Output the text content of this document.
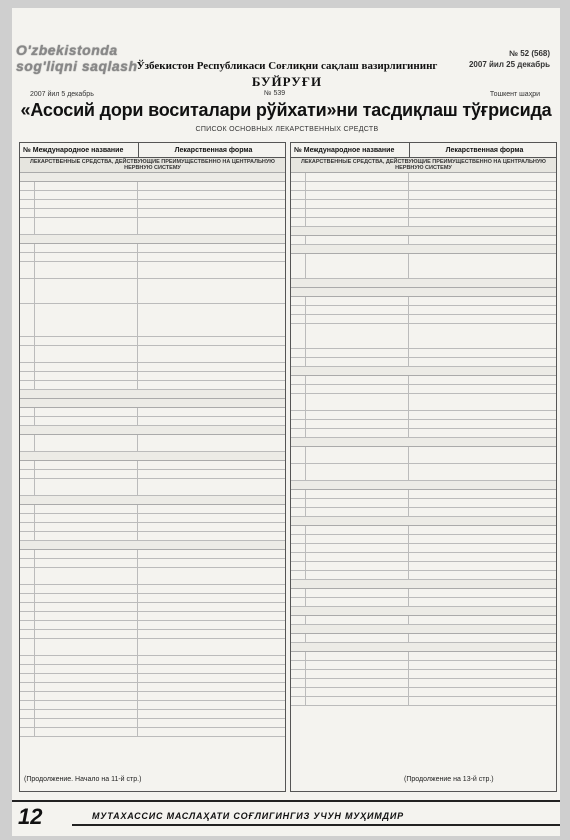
O'zbekistonda
sog'liqni saqlash
№ 52 (568)
2007 йил 25 декабрь
Ўзбекистон Республикаси Соғлиқни сақлаш вазирлигининг
БУЙРУҒИ
2007 йил 5 декабрь	№ 539	Тошкент шаҳри
«Асосий дори воситалари рўйхати»ни тасдиқлаш тўғрисида
СПИСОК ОСНОВНЫХ ЛЕКАРСТВЕННЫХ СРЕДСТВ
№ Международное название	Лекарственная форма
ЛЕКАРСТВЕННЫЕ СРЕДСТВА, ДЕЙСТВУЮЩИЕ ПРЕИМУЩЕСТВЕННО НА ЦЕНТРАЛЬНУЮ НЕРВНУЮ СИСТЕМУ
№ Международное название	Лекарственная форма
ЛЕКАРСТВЕННЫЕ СРЕДСТВА, ДЕЙСТВУЮЩИЕ ПРЕИМУЩЕСТВЕННО НА ЦЕНТРАЛЬНУЮ НЕРВНУЮ СИСТЕМУ
(Продолжение. Начало на 11-й стр.)	(Продолжение на 13-й стр.)
12	МУТАХАССИС МАСЛАҲАТИ СОҒЛИГИНГИЗ УЧУН МУҲИМДИР
